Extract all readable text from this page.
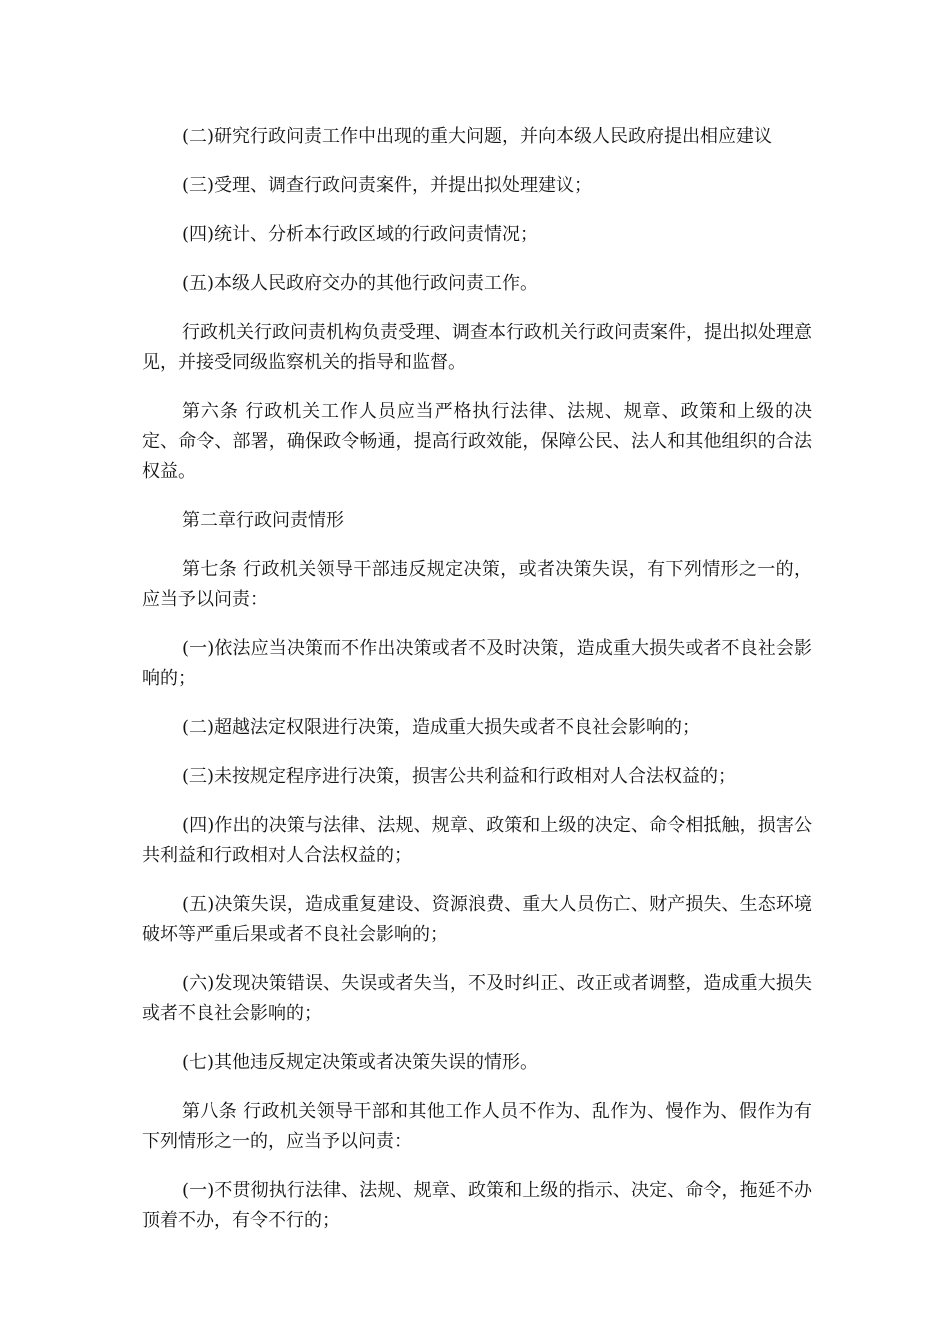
(二)研究行政问责工作中出现的重大问题，并向本级人民政府提出相应建议

(三)受理、调查行政问责案件，并提出拟处理建议；

(四)统计、分析本行政区域的行政问责情况；

(五)本级人民政府交办的其他行政问责工作。

行政机关行政问责机构负责受理、调查本行政机关行政问责案件，提出拟处理意见，并接受同级监察机关的指导和监督。

第六条 行政机关工作人员应当严格执行法律、法规、规章、政策和上级的决定、命令、部署，确保政令畅通，提高行政效能，保障公民、法人和其他组织的合法权益。

第二章行政问责情形

第七条 行政机关领导干部违反规定决策，或者决策失误，有下列情形之一的，应当予以问责：

(一)依法应当决策而不作出决策或者不及时决策，造成重大损失或者不良社会影响的；

(二)超越法定权限进行决策，造成重大损失或者不良社会影响的；

(三)未按规定程序进行决策，损害公共利益和行政相对人合法权益的；

(四)作出的决策与法律、法规、规章、政策和上级的决定、命令相抵触，损害公共利益和行政相对人合法权益的；

(五)决策失误，造成重复建设、资源浪费、重大人员伤亡、财产损失、生态环境破坏等严重后果或者不良社会影响的；

(六)发现决策错误、失误或者失当，不及时纠正、改正或者调整，造成重大损失或者不良社会影响的；

(七)其他违反规定决策或者决策失误的情形。

第八条 行政机关领导干部和其他工作人员不作为、乱作为、慢作为、假作为有下列情形之一的，应当予以问责：

(一)不贯彻执行法律、法规、规章、政策和上级的指示、决定、命令，拖延不办顶着不办，有令不行的；
